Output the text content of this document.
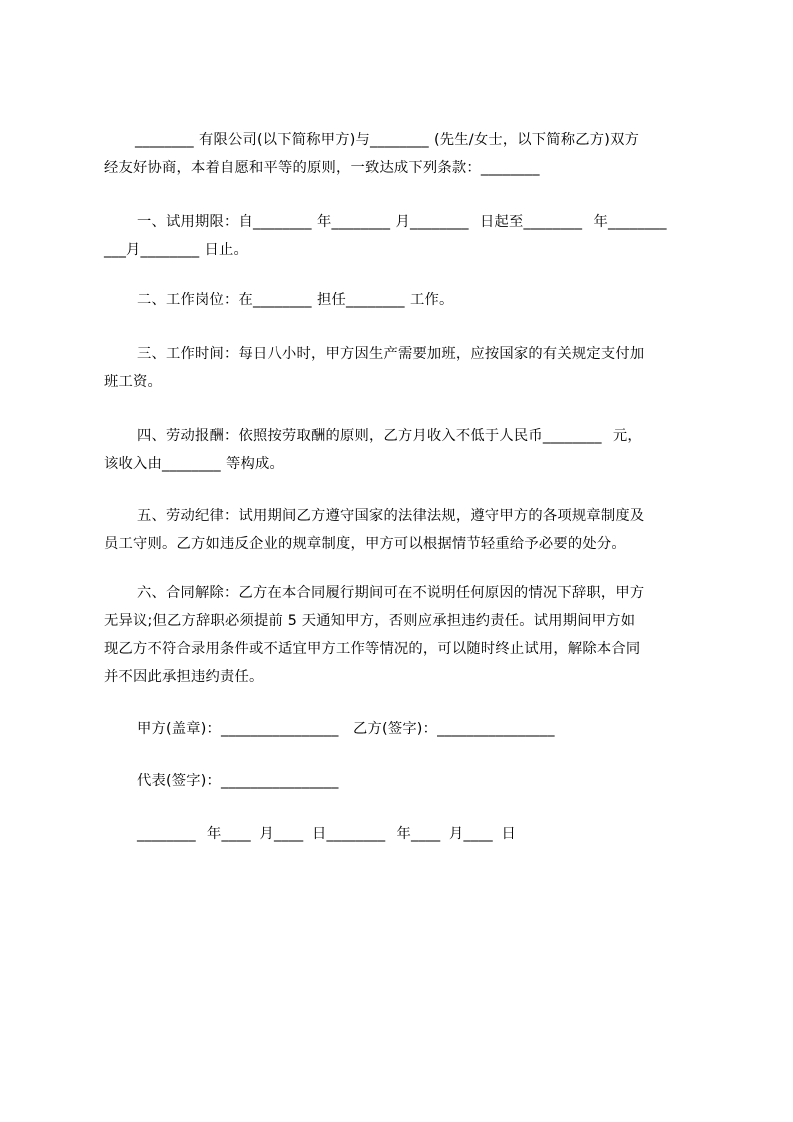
________ 有限公司(以下简称甲方)与________ (先生/女士，以下简称乙方)双方
经友好协商，本着自愿和平等的原则，一致达成下列条款：________
一、试用期限：自________ 年________ 月________ 日起至________ 年________
___月________ 日止。
二、工作岗位：在________ 担任________ 工作。
三、工作时间：每日八小时，甲方因生产需要加班，应按国家的有关规定支付加
班工资。
四、劳动报酬：依照按劳取酬的原则，乙方月收入不低于人民币________ 元，
该收入由________ 等构成。
五、劳动纪律：试用期间乙方遵守国家的法律法规，遵守甲方的各项规章制度及
员工守则。乙方如违反企业的规章制度，甲方可以根据情节轻重给予必要的处分。
六、合同解除：乙方在本合同履行期间可在不说明任何原因的情况下辞职，甲方
无异议;但乙方辞职必须提前 5 天通知甲方，否则应承担违约责任。试用期间甲方如
现乙方不符合录用条件或不适宜甲方工作等情况的，可以随时终止试用，解除本合同
并不因此承担违约责任。
甲方(盖章)：________________ 乙方(签字)：________________
代表(签字)：________________
________ 年____ 月____ 日________ 年____ 月____ 日
